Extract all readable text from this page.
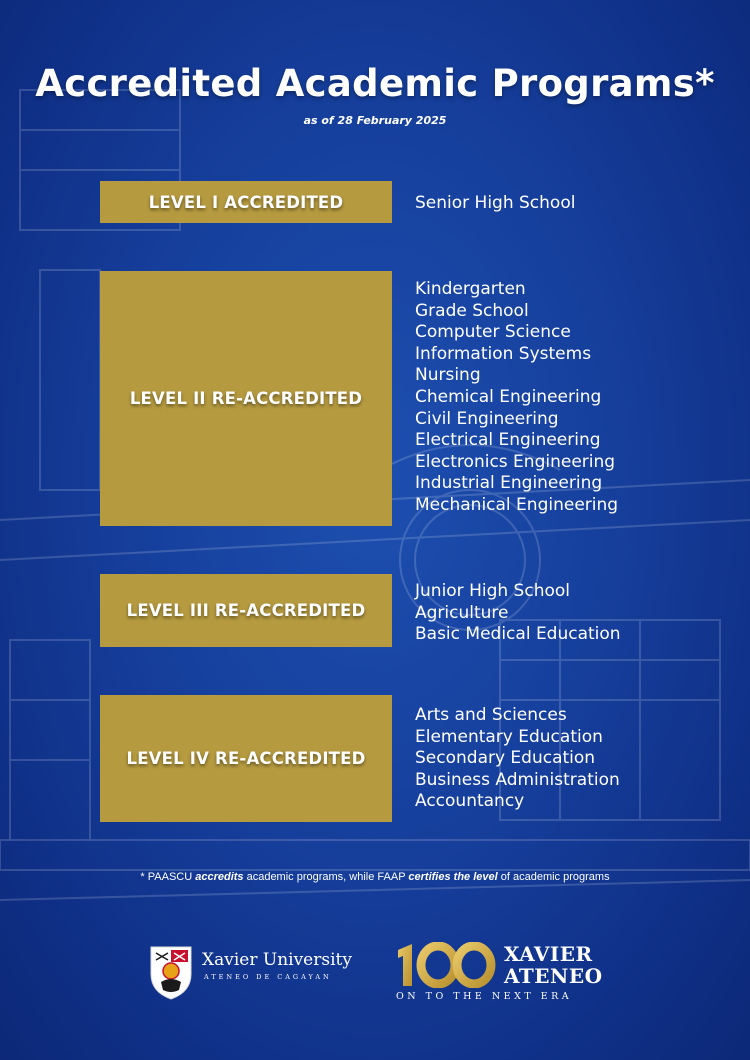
Accredited Academic Programs*
as of 28 February 2025
LEVEL I ACCREDITED	Senior High School
LEVEL II RE-ACCREDITED
Kindergarten
Grade School
Computer Science
Information Systems
Nursing
Chemical Engineering
Civil Engineering
Electrical Engineering
Electronics Engineering
Industrial Engineering
Mechanical Engineering
LEVEL III RE-ACCREDITED
Junior High School
Agriculture
Basic Medical Education
LEVEL IV RE-ACCREDITED
Arts and Sciences
Elementary Education
Secondary Education
Business Administration
Accountancy
* PAASCU accredits academic programs, while FAAP certifies the level of academic programs
Xavier University
ATENEO DE CAGAYAN
XAVIER
ATENEO
ON TO THE NEXT ERA
